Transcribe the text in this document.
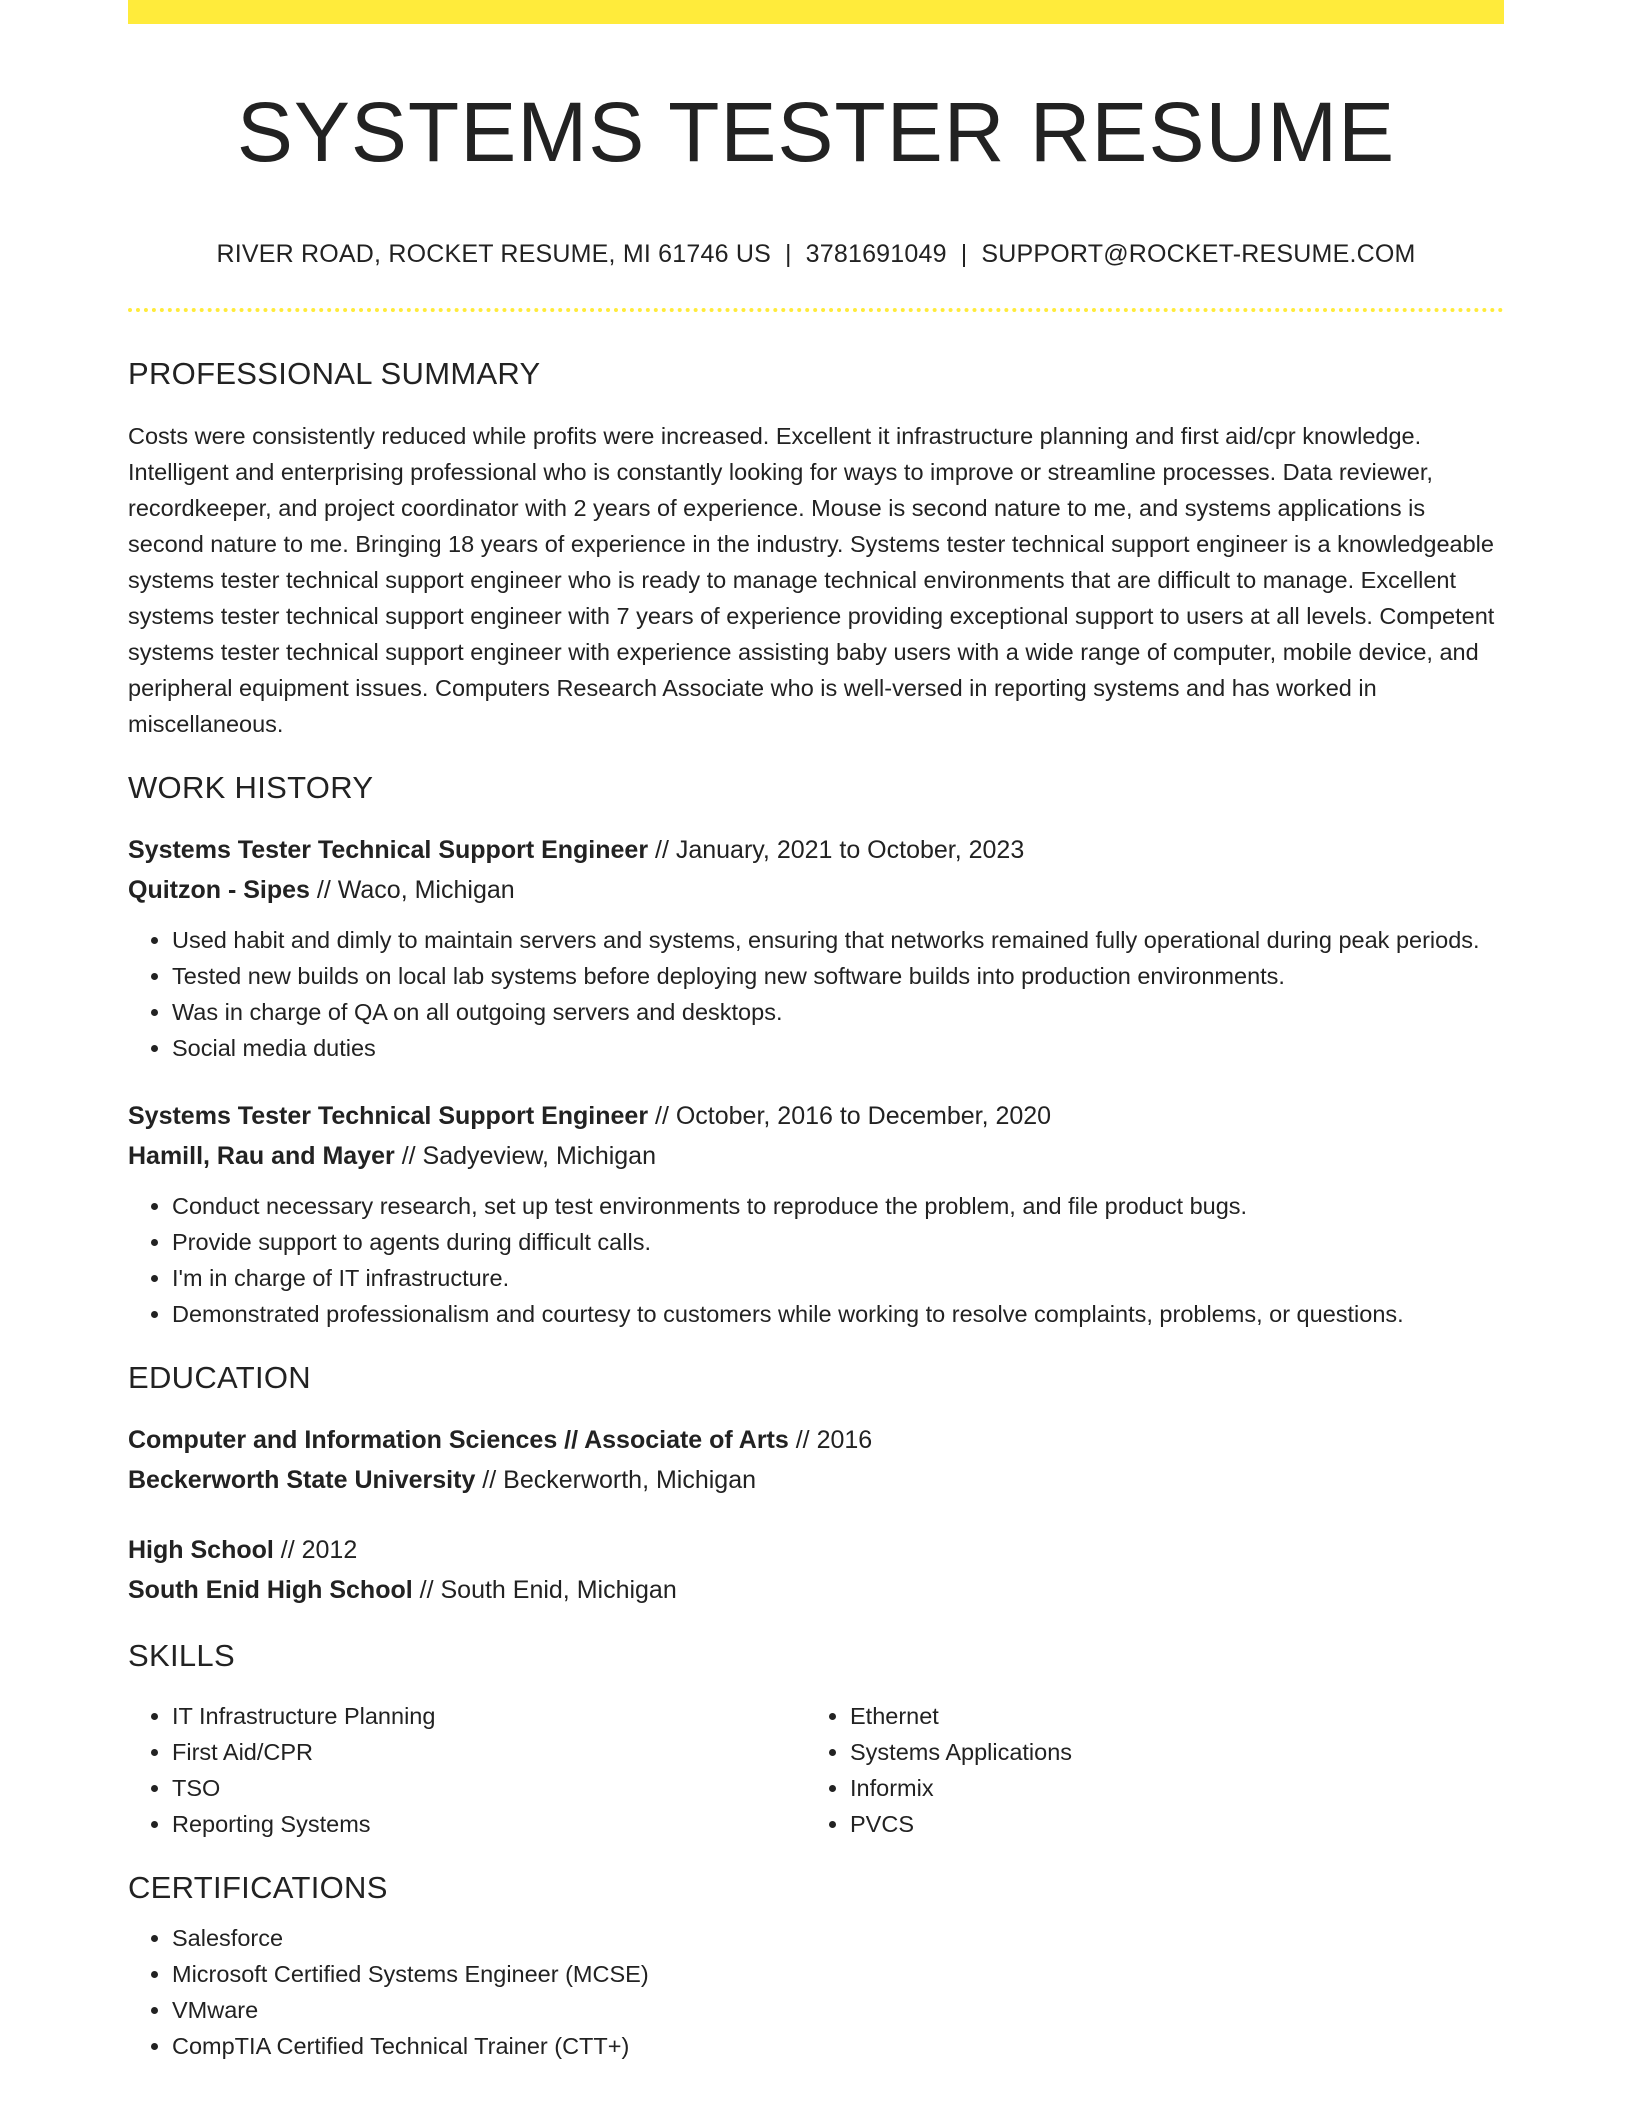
SYSTEMS TESTER RESUME
RIVER ROAD, ROCKET RESUME, MI 61746 US | 3781691049 | SUPPORT@ROCKET-RESUME.COM
PROFESSIONAL SUMMARY
Costs were consistently reduced while profits were increased. Excellent it infrastructure planning and first aid/cpr knowledge. Intelligent and enterprising professional who is constantly looking for ways to improve or streamline processes. Data reviewer, recordkeeper, and project coordinator with 2 years of experience. Mouse is second nature to me, and systems applications is second nature to me. Bringing 18 years of experience in the industry. Systems tester technical support engineer is a knowledgeable systems tester technical support engineer who is ready to manage technical environments that are difficult to manage. Excellent systems tester technical support engineer with 7 years of experience providing exceptional support to users at all levels. Competent systems tester technical support engineer with experience assisting baby users with a wide range of computer, mobile device, and peripheral equipment issues. Computers Research Associate who is well-versed in reporting systems and has worked in miscellaneous.
WORK HISTORY
Systems Tester Technical Support Engineer // January, 2021 to October, 2023
Quitzon - Sipes // Waco, Michigan
• Used habit and dimly to maintain servers and systems, ensuring that networks remained fully operational during peak periods.
• Tested new builds on local lab systems before deploying new software builds into production environments.
• Was in charge of QA on all outgoing servers and desktops.
• Social media duties
Systems Tester Technical Support Engineer // October, 2016 to December, 2020
Hamill, Rau and Mayer // Sadyeview, Michigan
• Conduct necessary research, set up test environments to reproduce the problem, and file product bugs.
• Provide support to agents during difficult calls.
• I'm in charge of IT infrastructure.
• Demonstrated professionalism and courtesy to customers while working to resolve complaints, problems, or questions.
EDUCATION
Computer and Information Sciences // Associate of Arts // 2016
Beckerworth State University // Beckerworth, Michigan
High School // 2012
South Enid High School // South Enid, Michigan
SKILLS
• IT Infrastructure Planning
• First Aid/CPR
• TSO
• Reporting Systems
• Ethernet
• Systems Applications
• Informix
• PVCS
CERTIFICATIONS
• Salesforce
• Microsoft Certified Systems Engineer (MCSE)
• VMware
• CompTIA Certified Technical Trainer (CTT+)
